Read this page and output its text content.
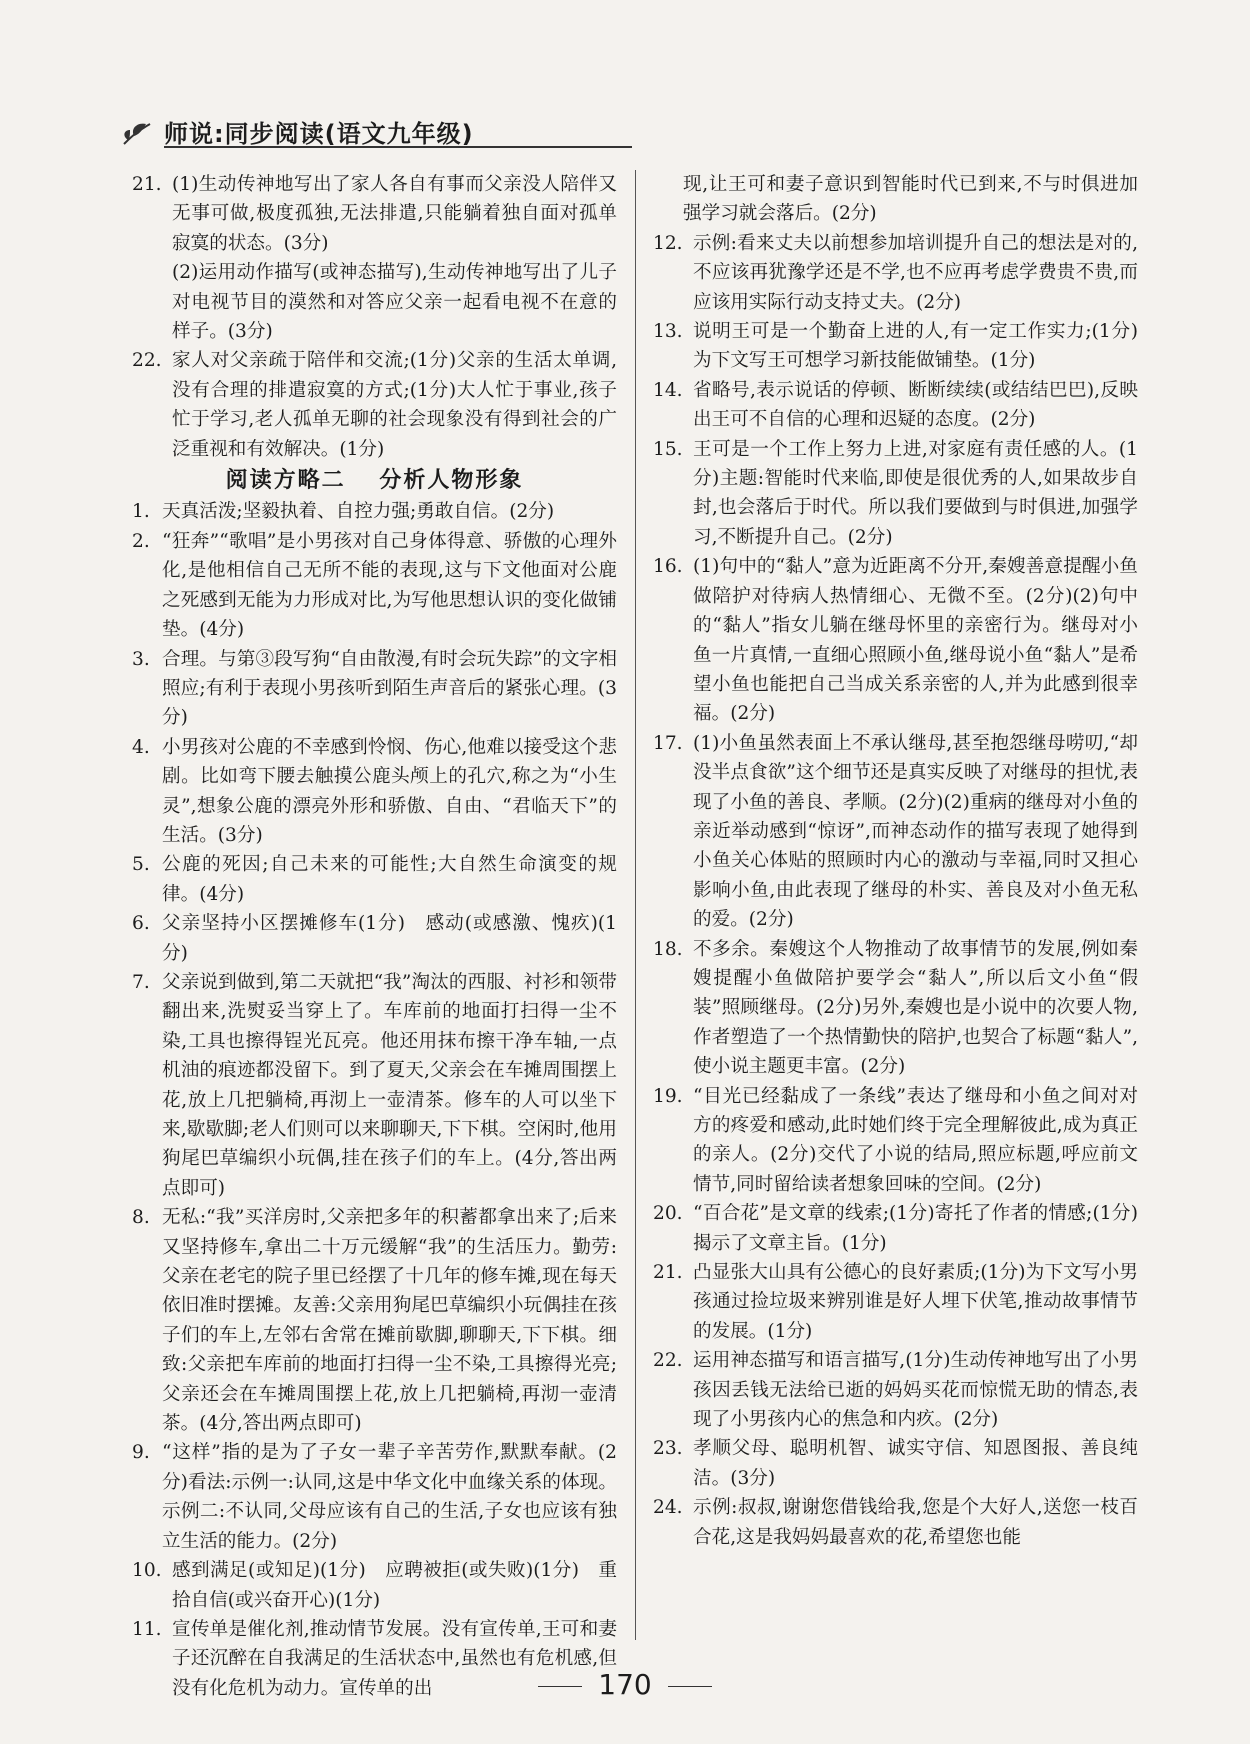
师说:同步阅读(语文九年级)

21. (1)生动传神地写出了家人各自有事而父亲没人陪伴又无事可做,极度孤独,无法排遣,只能躺着独自面对孤单寂寞的状态。(3分)

(2)运用动作描写(或神态描写),生动传神地写出了儿子对电视节目的漠然和对答应父亲一起看电视不在意的样子。(3分)

22. 家人对父亲疏于陪伴和交流;(1分)父亲的生活太单调,没有合理的排遣寂寞的方式;(1分)大人忙于事业,孩子忙于学习,老人孤单无聊的社会现象没有得到社会的广泛重视和有效解决。(1分)

阅读方略二 分析人物形象

1. 天真活泼;坚毅执着、自控力强;勇敢自信。(2分)

2. “狂奔”“歌唱”是小男孩对自己身体得意、骄傲的心理外化,是他相信自己无所不能的表现,这与下文他面对公鹿之死感到无能为力形成对比,为写他思想认识的变化做铺垫。(4分)

3. 合理。与第③段写狗“自由散漫,有时会玩失踪”的文字相照应;有利于表现小男孩听到陌生声音后的紧张心理。(3分)

4. 小男孩对公鹿的不幸感到怜悯、伤心,他难以接受这个悲剧。比如弯下腰去触摸公鹿头颅上的孔穴,称之为“小生灵”,想象公鹿的漂亮外形和骄傲、自由、“君临天下”的生活。(3分)

5. 公鹿的死因;自己未来的可能性;大自然生命演变的规律。(4分)

6. 父亲坚持小区摆摊修车(1分)　感动(或感激、愧疚)(1分)

7. 父亲说到做到,第二天就把“我”淘汰的西服、衬衫和领带翻出来,洗熨妥当穿上了。车库前的地面打扫得一尘不染,工具也擦得锃光瓦亮。他还用抹布擦干净车轴,一点机油的痕迹都没留下。到了夏天,父亲会在车摊周围摆上花,放上几把躺椅,再沏上一壶清茶。修车的人可以坐下来,歇歇脚;老人们则可以来聊聊天,下下棋。空闲时,他用狗尾巴草编织小玩偶,挂在孩子们的车上。(4分,答出两点即可)

8. 无私:“我”买洋房时,父亲把多年的积蓄都拿出来了;后来又坚持修车,拿出二十万元缓解“我”的生活压力。勤劳:父亲在老宅的院子里已经摆了十几年的修车摊,现在每天依旧准时摆摊。友善:父亲用狗尾巴草编织小玩偶挂在孩子们的车上,左邻右舍常在摊前歇脚,聊聊天,下下棋。细致:父亲把车库前的地面打扫得一尘不染,工具擦得光亮;父亲还会在车摊周围摆上花,放上几把躺椅,再沏一壶清茶。(4分,答出两点即可)

9. “这样”指的是为了子女一辈子辛苦劳作,默默奉献。(2分)看法:示例一:认同,这是中华文化中血缘关系的体现。示例二:不认同,父母应该有自己的生活,子女也应该有独立生活的能力。(2分)

10. 感到满足(或知足)(1分)　应聘被拒(或失败)(1分)　重拾自信(或兴奋开心)(1分)

11. 宣传单是催化剂,推动情节发展。没有宣传单,王可和妻子还沉醉在自我满足的生活状态中,虽然也有危机感,但没有化危机为动力。宣传单的出

现,让王可和妻子意识到智能时代已到来,不与时俱进加强学习就会落后。(2分)

12. 示例:看来丈夫以前想参加培训提升自己的想法是对的,不应该再犹豫学还是不学,也不应再考虑学费贵不贵,而应该用实际行动支持丈夫。(2分)

13. 说明王可是一个勤奋上进的人,有一定工作实力;(1分)为下文写王可想学习新技能做铺垫。(1分)

14. 省略号,表示说话的停顿、断断续续(或结结巴巴),反映出王可不自信的心理和迟疑的态度。(2分)

15. 王可是一个工作上努力上进,对家庭有责任感的人。(1分)主题:智能时代来临,即使是很优秀的人,如果故步自封,也会落后于时代。所以我们要做到与时俱进,加强学习,不断提升自己。(2分)

16. (1)句中的“黏人”意为近距离不分开,秦嫂善意提醒小鱼做陪护对待病人热情细心、无微不至。(2分)(2)句中的“黏人”指女儿躺在继母怀里的亲密行为。继母对小鱼一片真情,一直细心照顾小鱼,继母说小鱼“黏人”是希望小鱼也能把自己当成关系亲密的人,并为此感到很幸福。(2分)

17. (1)小鱼虽然表面上不承认继母,甚至抱怨继母唠叨,“却没半点食欲”这个细节还是真实反映了对继母的担忧,表现了小鱼的善良、孝顺。(2分)(2)重病的继母对小鱼的亲近举动感到“惊讶”,而神态动作的描写表现了她得到小鱼关心体贴的照顾时内心的激动与幸福,同时又担心影响小鱼,由此表现了继母的朴实、善良及对小鱼无私的爱。(2分)

18. 不多余。秦嫂这个人物推动了故事情节的发展,例如秦嫂提醒小鱼做陪护要学会“黏人”,所以后文小鱼“假装”照顾继母。(2分)另外,秦嫂也是小说中的次要人物,作者塑造了一个热情勤快的陪护,也契合了标题“黏人”,使小说主题更丰富。(2分)

19. “目光已经黏成了一条线”表达了继母和小鱼之间对对方的疼爱和感动,此时她们终于完全理解彼此,成为真正的亲人。(2分)交代了小说的结局,照应标题,呼应前文情节,同时留给读者想象回味的空间。(2分)

20. “百合花”是文章的线索;(1分)寄托了作者的情感;(1分)揭示了文章主旨。(1分)

21. 凸显张大山具有公德心的良好素质;(1分)为下文写小男孩通过捡垃圾来辨别谁是好人埋下伏笔,推动故事情节的发展。(1分)

22. 运用神态描写和语言描写,(1分)生动传神地写出了小男孩因丢钱无法给已逝的妈妈买花而惊慌无助的情态,表现了小男孩内心的焦急和内疚。(2分)

23. 孝顺父母、聪明机智、诚实守信、知恩图报、善良纯洁。(3分)

24. 示例:叔叔,谢谢您借钱给我,您是个大好人,送您一枝百合花,这是我妈妈最喜欢的花,希望您也能

170
